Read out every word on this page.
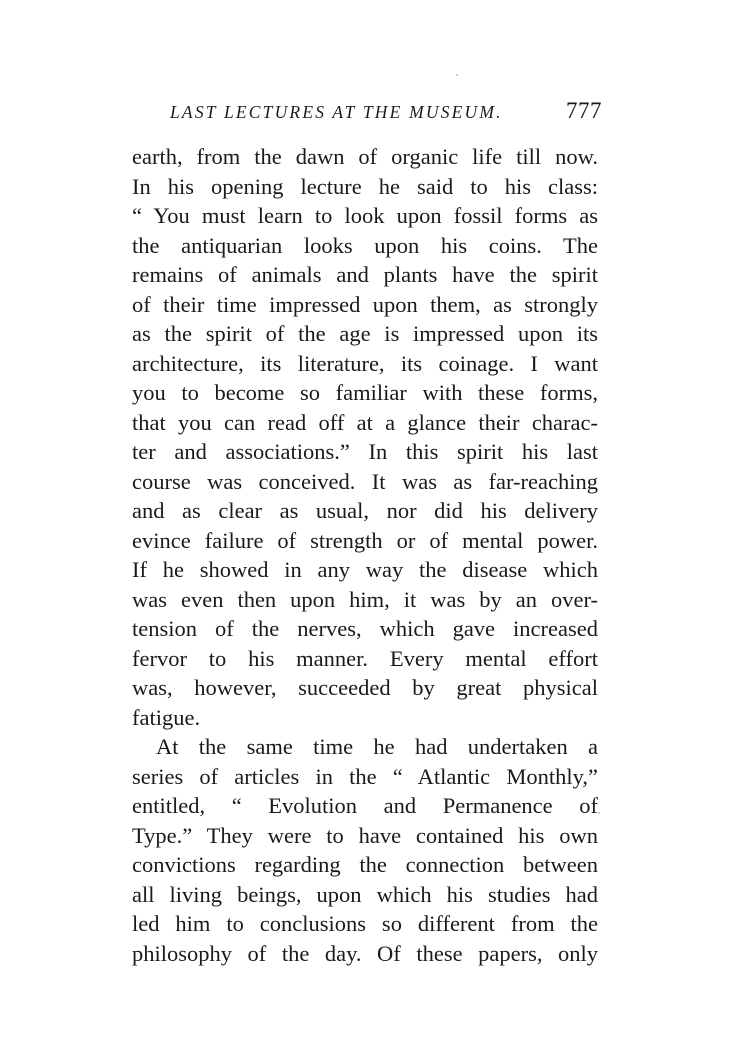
LAST LECTURES AT THE MUSEUM.	777
earth, from the dawn of organic life till now.
In his opening lecture he said to his class:
“ You must learn to look upon fossil forms as
the antiquarian looks upon his coins. The
remains of animals and plants have the spirit
of their time impressed upon them, as strongly
as the spirit of the age is impressed upon its
architecture, its literature, its coinage. I want
you to become so familiar with these forms,
that you can read off at a glance their charac-
ter and associations.” In this spirit his last
course was conceived. It was as far-reaching
and as clear as usual, nor did his delivery
evince failure of strength or of mental power.
If he showed in any way the disease which
was even then upon him, it was by an over-
tension of the nerves, which gave increased
fervor to his manner. Every mental effort
was, however, succeeded by great physical
fatigue.
At the same time he had undertaken a
series of articles in the “ Atlantic Monthly,”
entitled, “ Evolution and Permanence of
Type.” They were to have contained his own
convictions regarding the connection between
all living beings, upon which his studies had
led him to conclusions so different from the
philosophy of the day. Of these papers, only
